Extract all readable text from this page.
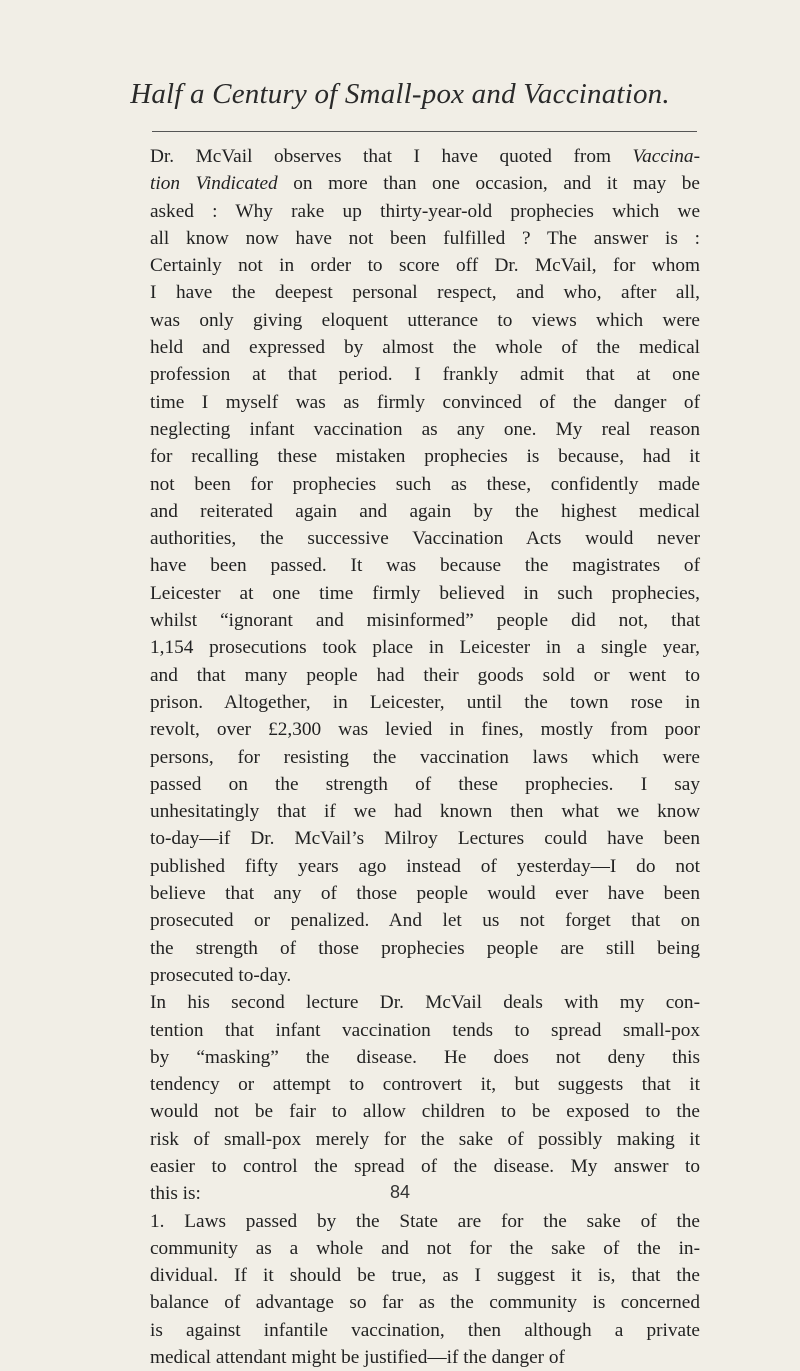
Half a Century of Small-pox and Vaccination.
Dr. McVail observes that I have quoted from Vaccina-
tion Vindicated on more than one occasion, and it may be
asked : Why rake up thirty-year-old prophecies which we
all know now have not been fulfilled ? The answer is :
Certainly not in order to score off Dr. McVail, for whom
I have the deepest personal respect, and who, after all,
was only giving eloquent utterance to views which were
held and expressed by almost the whole of the medical
profession at that period. I frankly admit that at one
time I myself was as firmly convinced of the danger of
neglecting infant vaccination as any one. My real reason
for recalling these mistaken prophecies is because, had it
not been for prophecies such as these, confidently made
and reiterated again and again by the highest medical
authorities, the successive Vaccination Acts would never
have been passed. It was because the magistrates of
Leicester at one time firmly believed in such prophecies,
whilst “ignorant and misinformed” people did not, that
1,154 prosecutions took place in Leicester in a single year,
and that many people had their goods sold or went to
prison. Altogether, in Leicester, until the town rose in
revolt, over £2,300 was levied in fines, mostly from poor
persons, for resisting the vaccination laws which were
passed on the strength of these prophecies. I say
unhesitatingly that if we had known then what we know
to-day—if Dr. McVail’s Milroy Lectures could have been
published fifty years ago instead of yesterday—I do not
believe that any of those people would ever have been
prosecuted or penalized. And let us not forget that on
the strength of those prophecies people are still being
prosecuted to-day.
In his second lecture Dr. McVail deals with my con-
tention that infant vaccination tends to spread small-pox
by “masking” the disease. He does not deny this
tendency or attempt to controvert it, but suggests that it
would not be fair to allow children to be exposed to the
risk of small-pox merely for the sake of possibly making it
easier to control the spread of the disease. My answer to
this is:
1. Laws passed by the State are for the sake of the
community as a whole and not for the sake of the in-
dividual. If it should be true, as I suggest it is, that the
balance of advantage so far as the community is concerned
is against infantile vaccination, then although a private
medical attendant might be justified—if the danger of
84
